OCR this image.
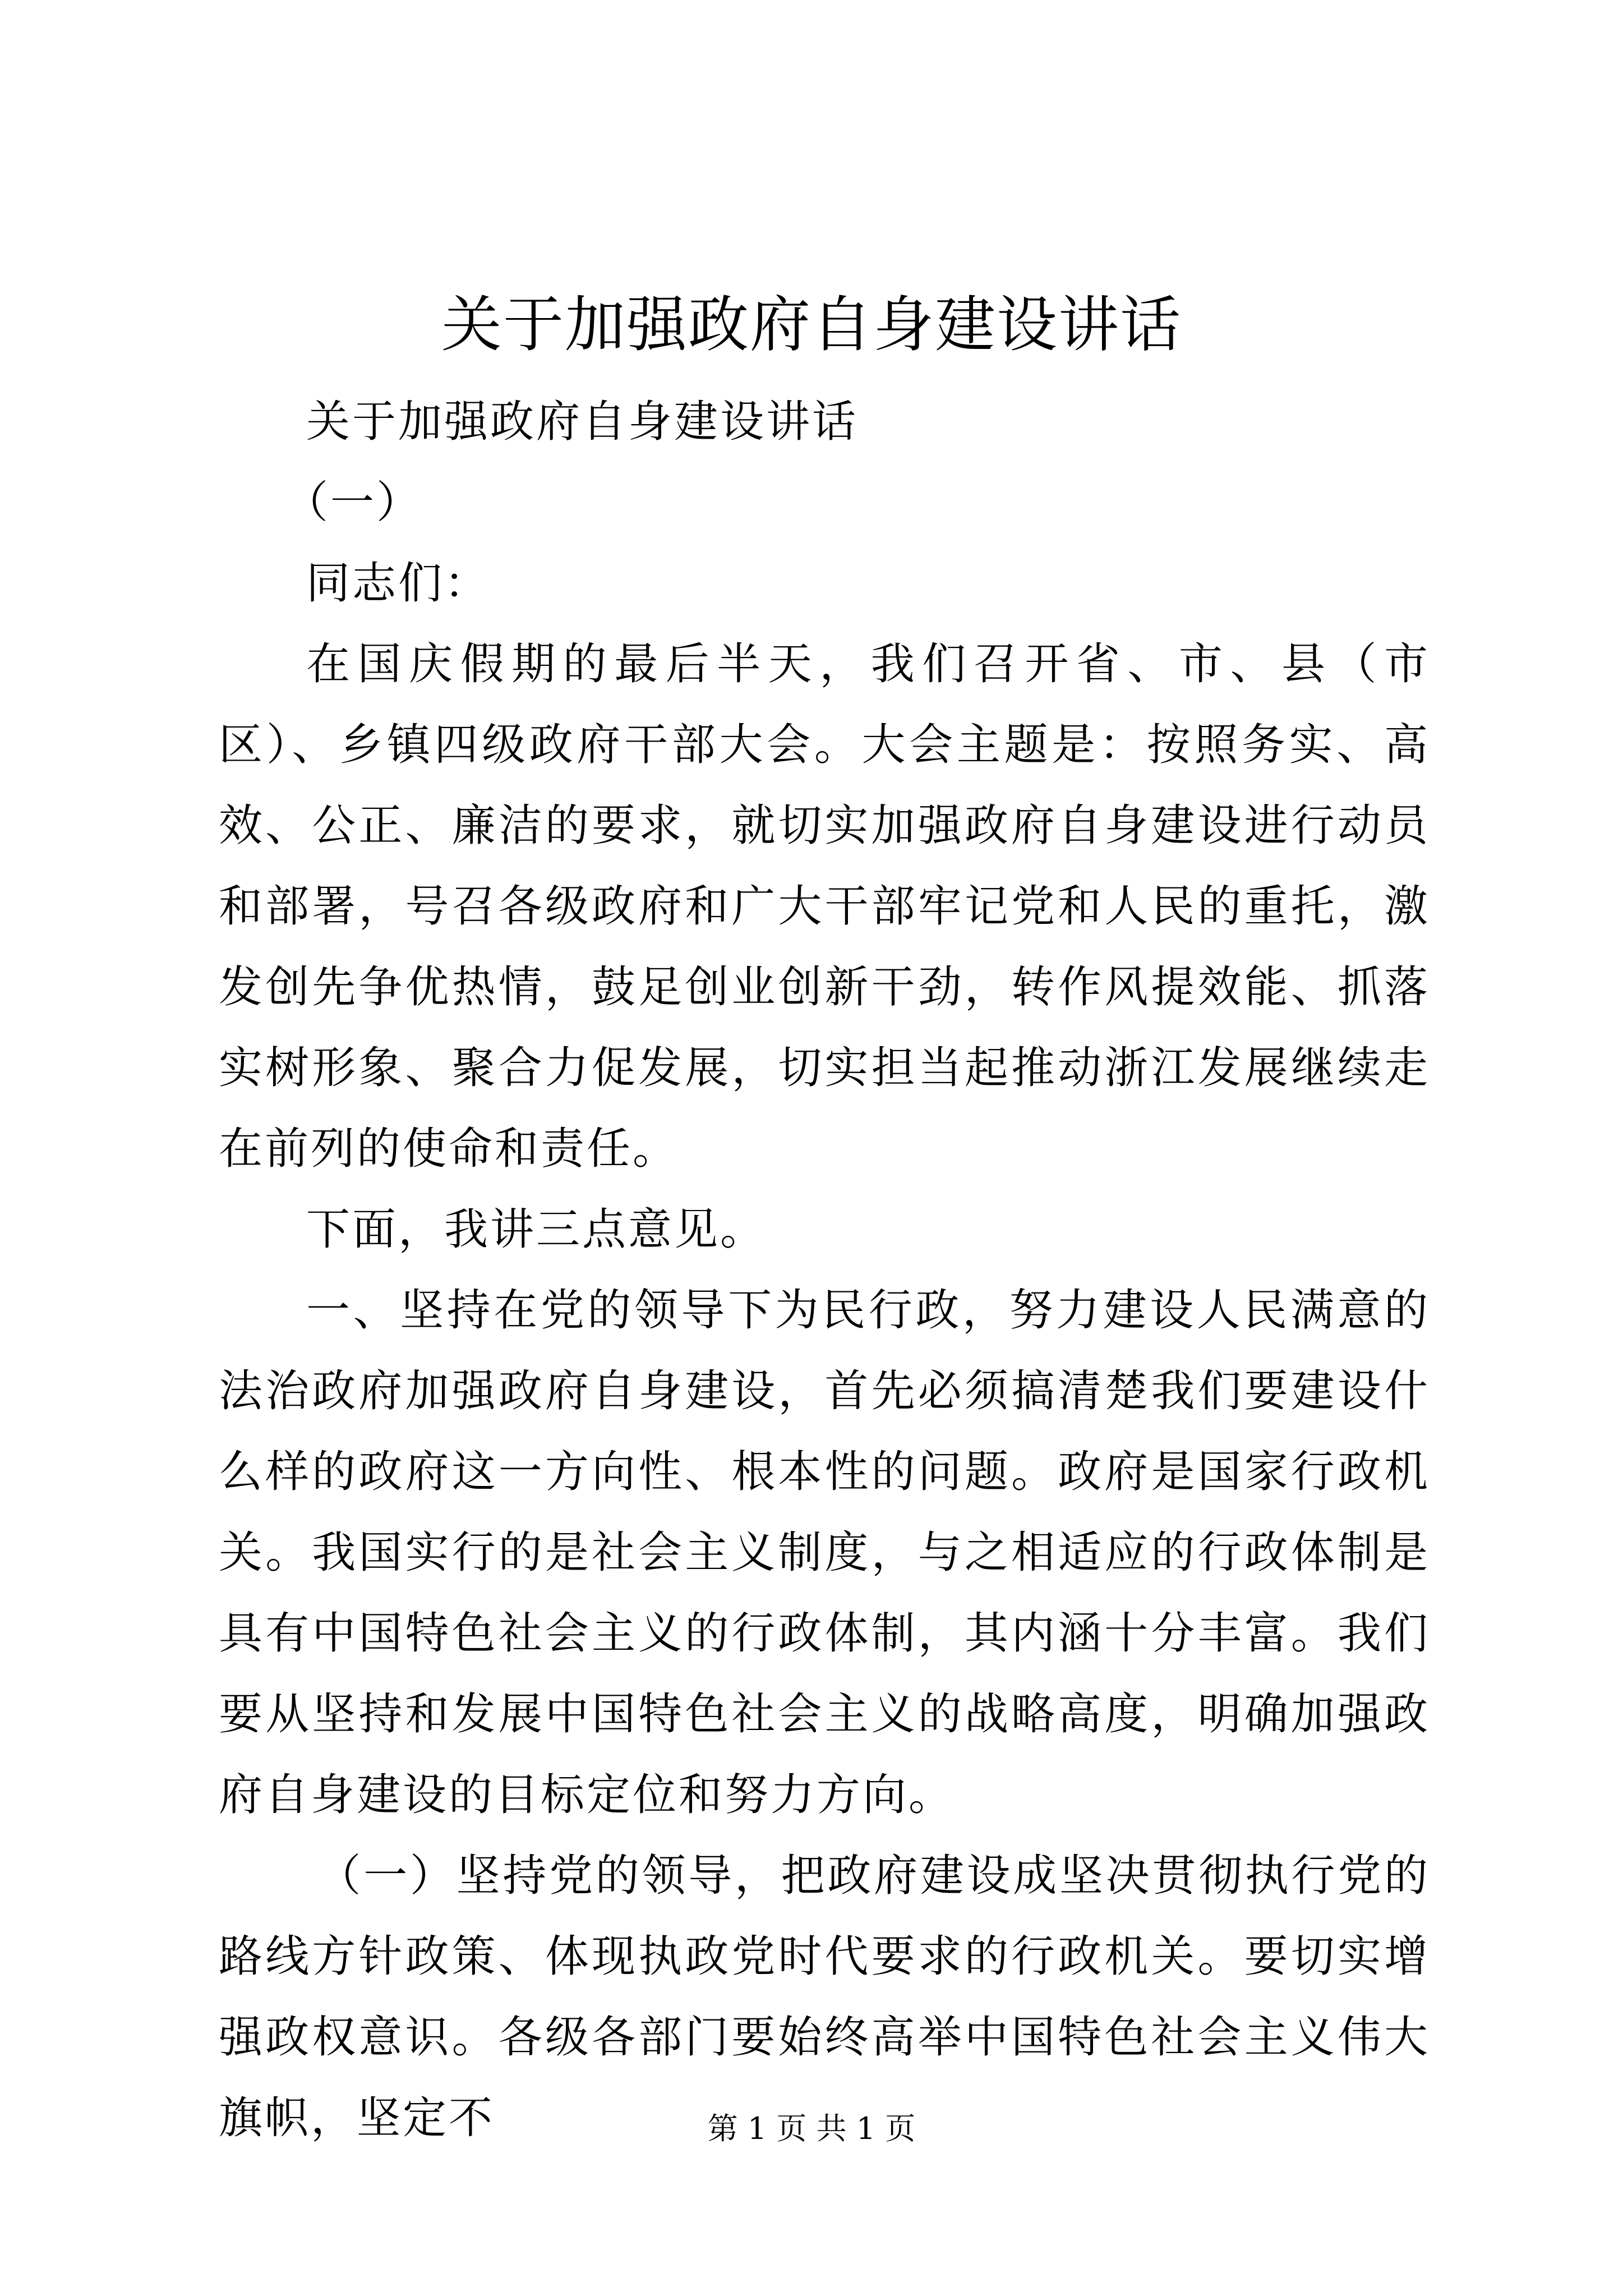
关于加强政府自身建设讲话

关于加强政府自身建设讲话

（一）

同志们：

在国庆假期的最后半天，我们召开省、市、县（市区）、乡镇四级政府干部大会。大会主题是：按照务实、高效、公正、廉洁的要求，就切实加强政府自身建设进行动员和部署，号召各级政府和广大干部牢记党和人民的重托，激发创先争优热情，鼓足创业创新干劲，转作风提效能、抓落实树形象、聚合力促发展，切实担当起推动浙江发展继续走在前列的使命和责任。

下面，我讲三点意见。

一、坚持在党的领导下为民行政，努力建设人民满意的法治政府加强政府自身建设，首先必须搞清楚我们要建设什么样的政府这一方向性、根本性的问题。政府是国家行政机关。我国实行的是社会主义制度，与之相适应的行政体制是具有中国特色社会主义的行政体制，其内涵十分丰富。我们要从坚持和发展中国特色社会主义的战略高度，明确加强政府自身建设的目标定位和努力方向。

（一）坚持党的领导，把政府建设成坚决贯彻执行党的路线方针政策、体现执政党时代要求的行政机关。要切实增强政权意识。各级各部门要始终高举中国特色社会主义伟大旗帜，坚定不	第 1 页 共 1 页
